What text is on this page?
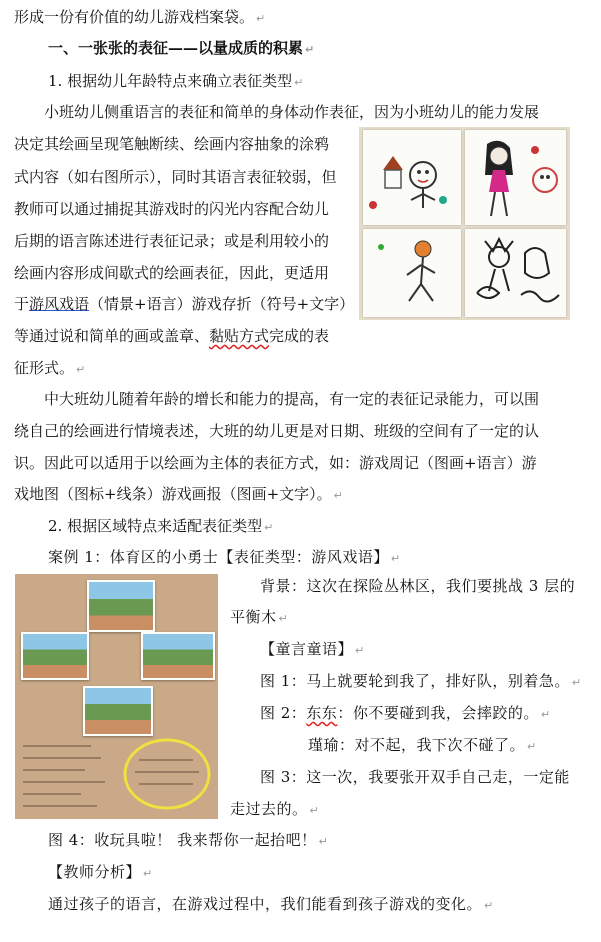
形成一份有价值的幼儿游戏档案袋。 ↵
一、一张张的表征——以量成质的积累 ↵
1. 根据幼儿年龄特点来确立表征类型 ↵
小班幼儿侧重语言的表征和简单的身体动作表征，因为小班幼儿的能力发展
决定其绘画呈现笔触断续、绘画内容抽象的涂鸦
式内容（如右图所示），同时其语言表征较弱，但
教师可以通过捕捉其游戏时的闪光内容配合幼儿
后期的语言陈述进行表征记录；或是利用较小的
绘画内容形成间歇式的绘画表征，因此，更适用
于游风戏语（情景+语言）游戏存折（符号+文字）
等通过说和简单的画或盖章、黏贴方式完成的表
征形式。 ↵
中大班幼儿随着年龄的增长和能力的提高，有一定的表征记录能力，可以围
绕自己的绘画进行情境表述，大班的幼儿更是对日期、班级的空间有了一定的认
识。因此可以适用于以绘画为主体的表征方式，如：游戏周记（图画+语言）游
戏地图（图标+线条）游戏画报（图画+文字）。 ↵
2. 根据区域特点来适配表征类型 ↵
案例 1：体育区的小勇士【表征类型：游风戏语】 ↵
背景：这次在探险丛林区，我们要挑战 3 层的
平衡木 ↵
【童言童语】 ↵
图 1：马上就要轮到我了，排好队，别着急。 ↵
图 2：东东：你不要碰到我，会摔跤的。 ↵
瑾瑜：对不起，我下次不碰了。 ↵
图 3：这一次，我要张开双手自己走，一定能
走过去的。 ↵
图 4：收玩具啦！ 我来帮你一起抬吧！ ↵
【教师分析】 ↵
通过孩子的语言，在游戏过程中，我们能看到孩子游戏的变化。 ↵
